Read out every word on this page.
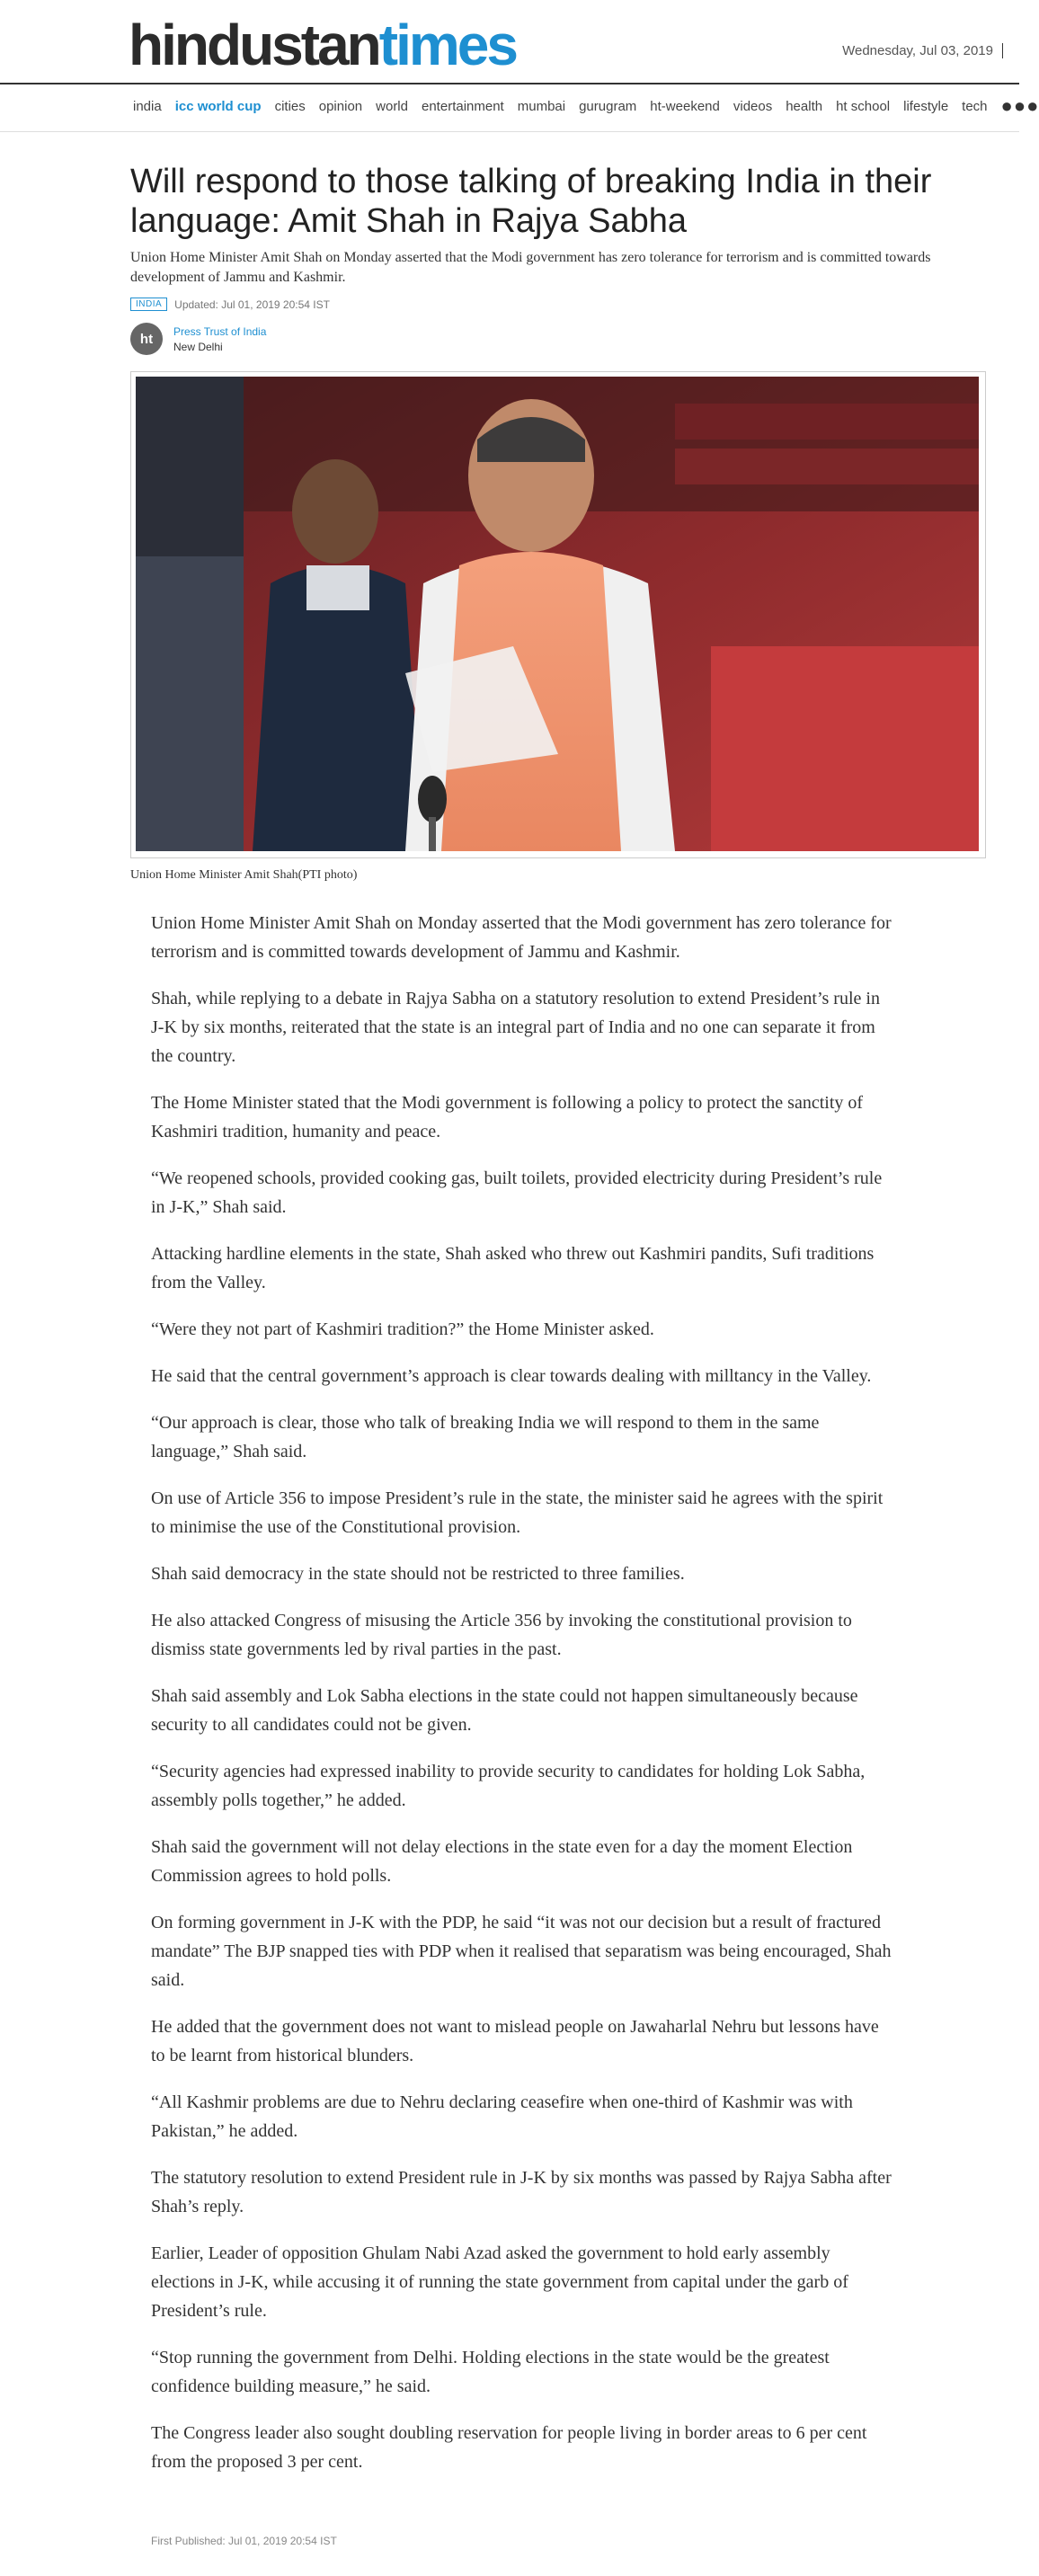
hindustantimes	Wednesday, Jul 03, 2019
india icc world cup cities opinion world entertainment mumbai gurugram ht-weekend videos health ht school lifestyle tech ●●●
Will respond to those talking of breaking India in their language: Amit Shah in Rajya Sabha

Union Home Minister Amit Shah on Monday asserted that the Modi government has zero tolerance for terrorism and is committed towards development of Jammu and Kashmir.

INDIA	Updated: Jul 01, 2019 20:54 IST
ht	Press Trust of India
New Delhi
Union Home Minister Amit Shah(PTI photo)

Union Home Minister Amit Shah on Monday asserted that the Modi government has zero tolerance for terrorism and is committed towards development of Jammu and Kashmir.

Shah, while replying to a debate in Rajya Sabha on a statutory resolution to extend President’s rule in J-K by six months, reiterated that the state is an integral part of India and no one can separate it from the country.

The Home Minister stated that the Modi government is following a policy to protect the sanctity of Kashmiri tradition, humanity and peace.

“We reopened schools, provided cooking gas, built toilets, provided electricity during President’s rule in J-K,” Shah said.

Attacking hardline elements in the state, Shah asked who threw out Kashmiri pandits, Sufi traditions from the Valley.

“Were they not part of Kashmiri tradition?” the Home Minister asked.

He said that the central government’s approach is clear towards dealing with milltancy in the Valley.

“Our approach is clear, those who talk of breaking India we will respond to them in the same language,” Shah said.

On use of Article 356 to impose President’s rule in the state, the minister said he agrees with the spirit to minimise the use of the Constitutional provision.

Shah said democracy in the state should not be restricted to three families.

He also attacked Congress of misusing the Article 356 by invoking the constitutional provision to dismiss state governments led by rival parties in the past.

Shah said assembly and Lok Sabha elections in the state could not happen simultaneously because security to all candidates could not be given.

“Security agencies had expressed inability to provide security to candidates for holding Lok Sabha, assembly polls together,” he added.

Shah said the government will not delay elections in the state even for a day the moment Election Commission agrees to hold polls.

On forming government in J-K with the PDP, he said “it was not our decision but a result of fractured mandate” The BJP snapped ties with PDP when it realised that separatism was being encouraged, Shah said.

He added that the government does not want to mislead people on Jawaharlal Nehru but lessons have to be learnt from historical blunders.

“All Kashmir problems are due to Nehru declaring ceasefire when one-third of Kashmir was with Pakistan,” he added.

The statutory resolution to extend President rule in J-K by six months was passed by Rajya Sabha after Shah’s reply.

Earlier, Leader of opposition Ghulam Nabi Azad asked the government to hold early assembly elections in J-K, while accusing it of running the state government from capital under the garb of President’s rule.

“Stop running the government from Delhi. Holding elections in the state would be the greatest confidence building measure,” he said.

The Congress leader also sought doubling reservation for people living in border areas to 6 per cent from the proposed 3 per cent.

First Published: Jul 01, 2019 20:54 IST
